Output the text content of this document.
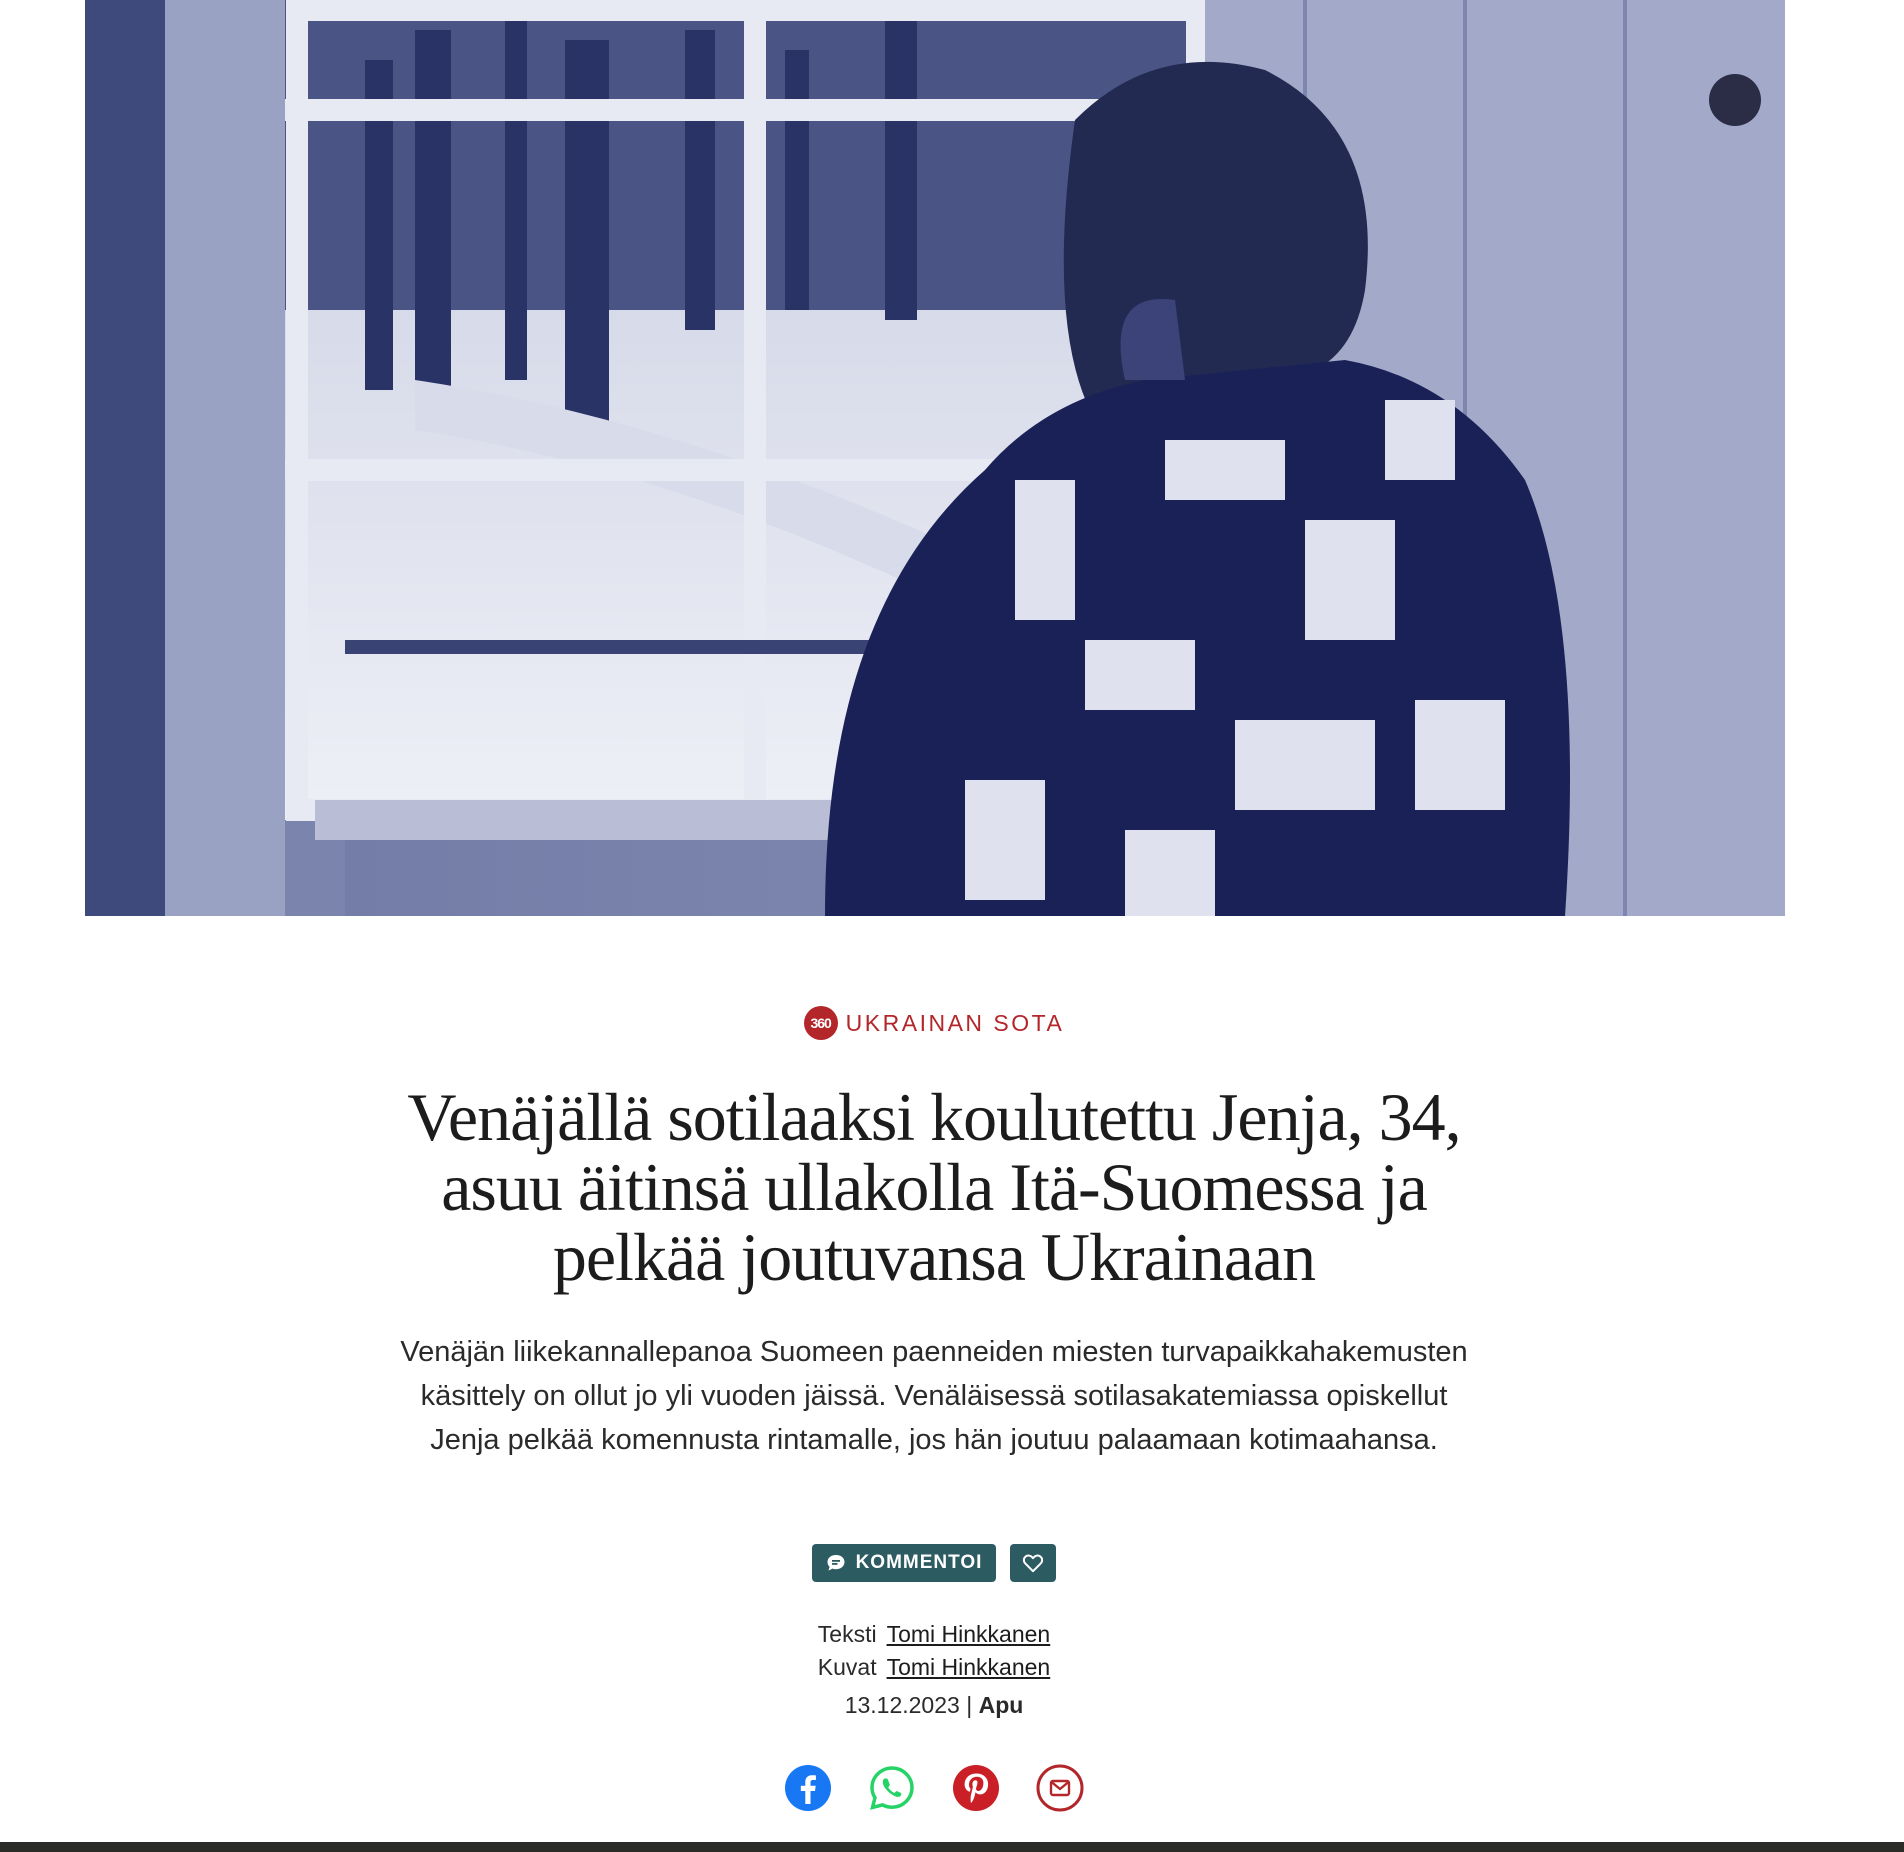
360 UKRAINAN SOTA
Venäjällä sotilaaksi koulutettu Jenja, 34, asuu äitinsä ullakolla Itä-Suomessa ja pelkää joutuvansa Ukrainaan

Venäjän liikekannallepanoa Suomeen paenneiden miesten turvapaikkahakemusten käsittely on ollut jo yli vuoden jäissä. Venäläisessä sotilasakatemiassa opiskellut Jenja pelkää komennusta rintamalle, jos hän joutuu palaamaan kotimaahansa.

KOMMENTOI
Teksti Tomi Hinkkanen
Kuvat Tomi Hinkkanen
13.12.2023 | Apu
